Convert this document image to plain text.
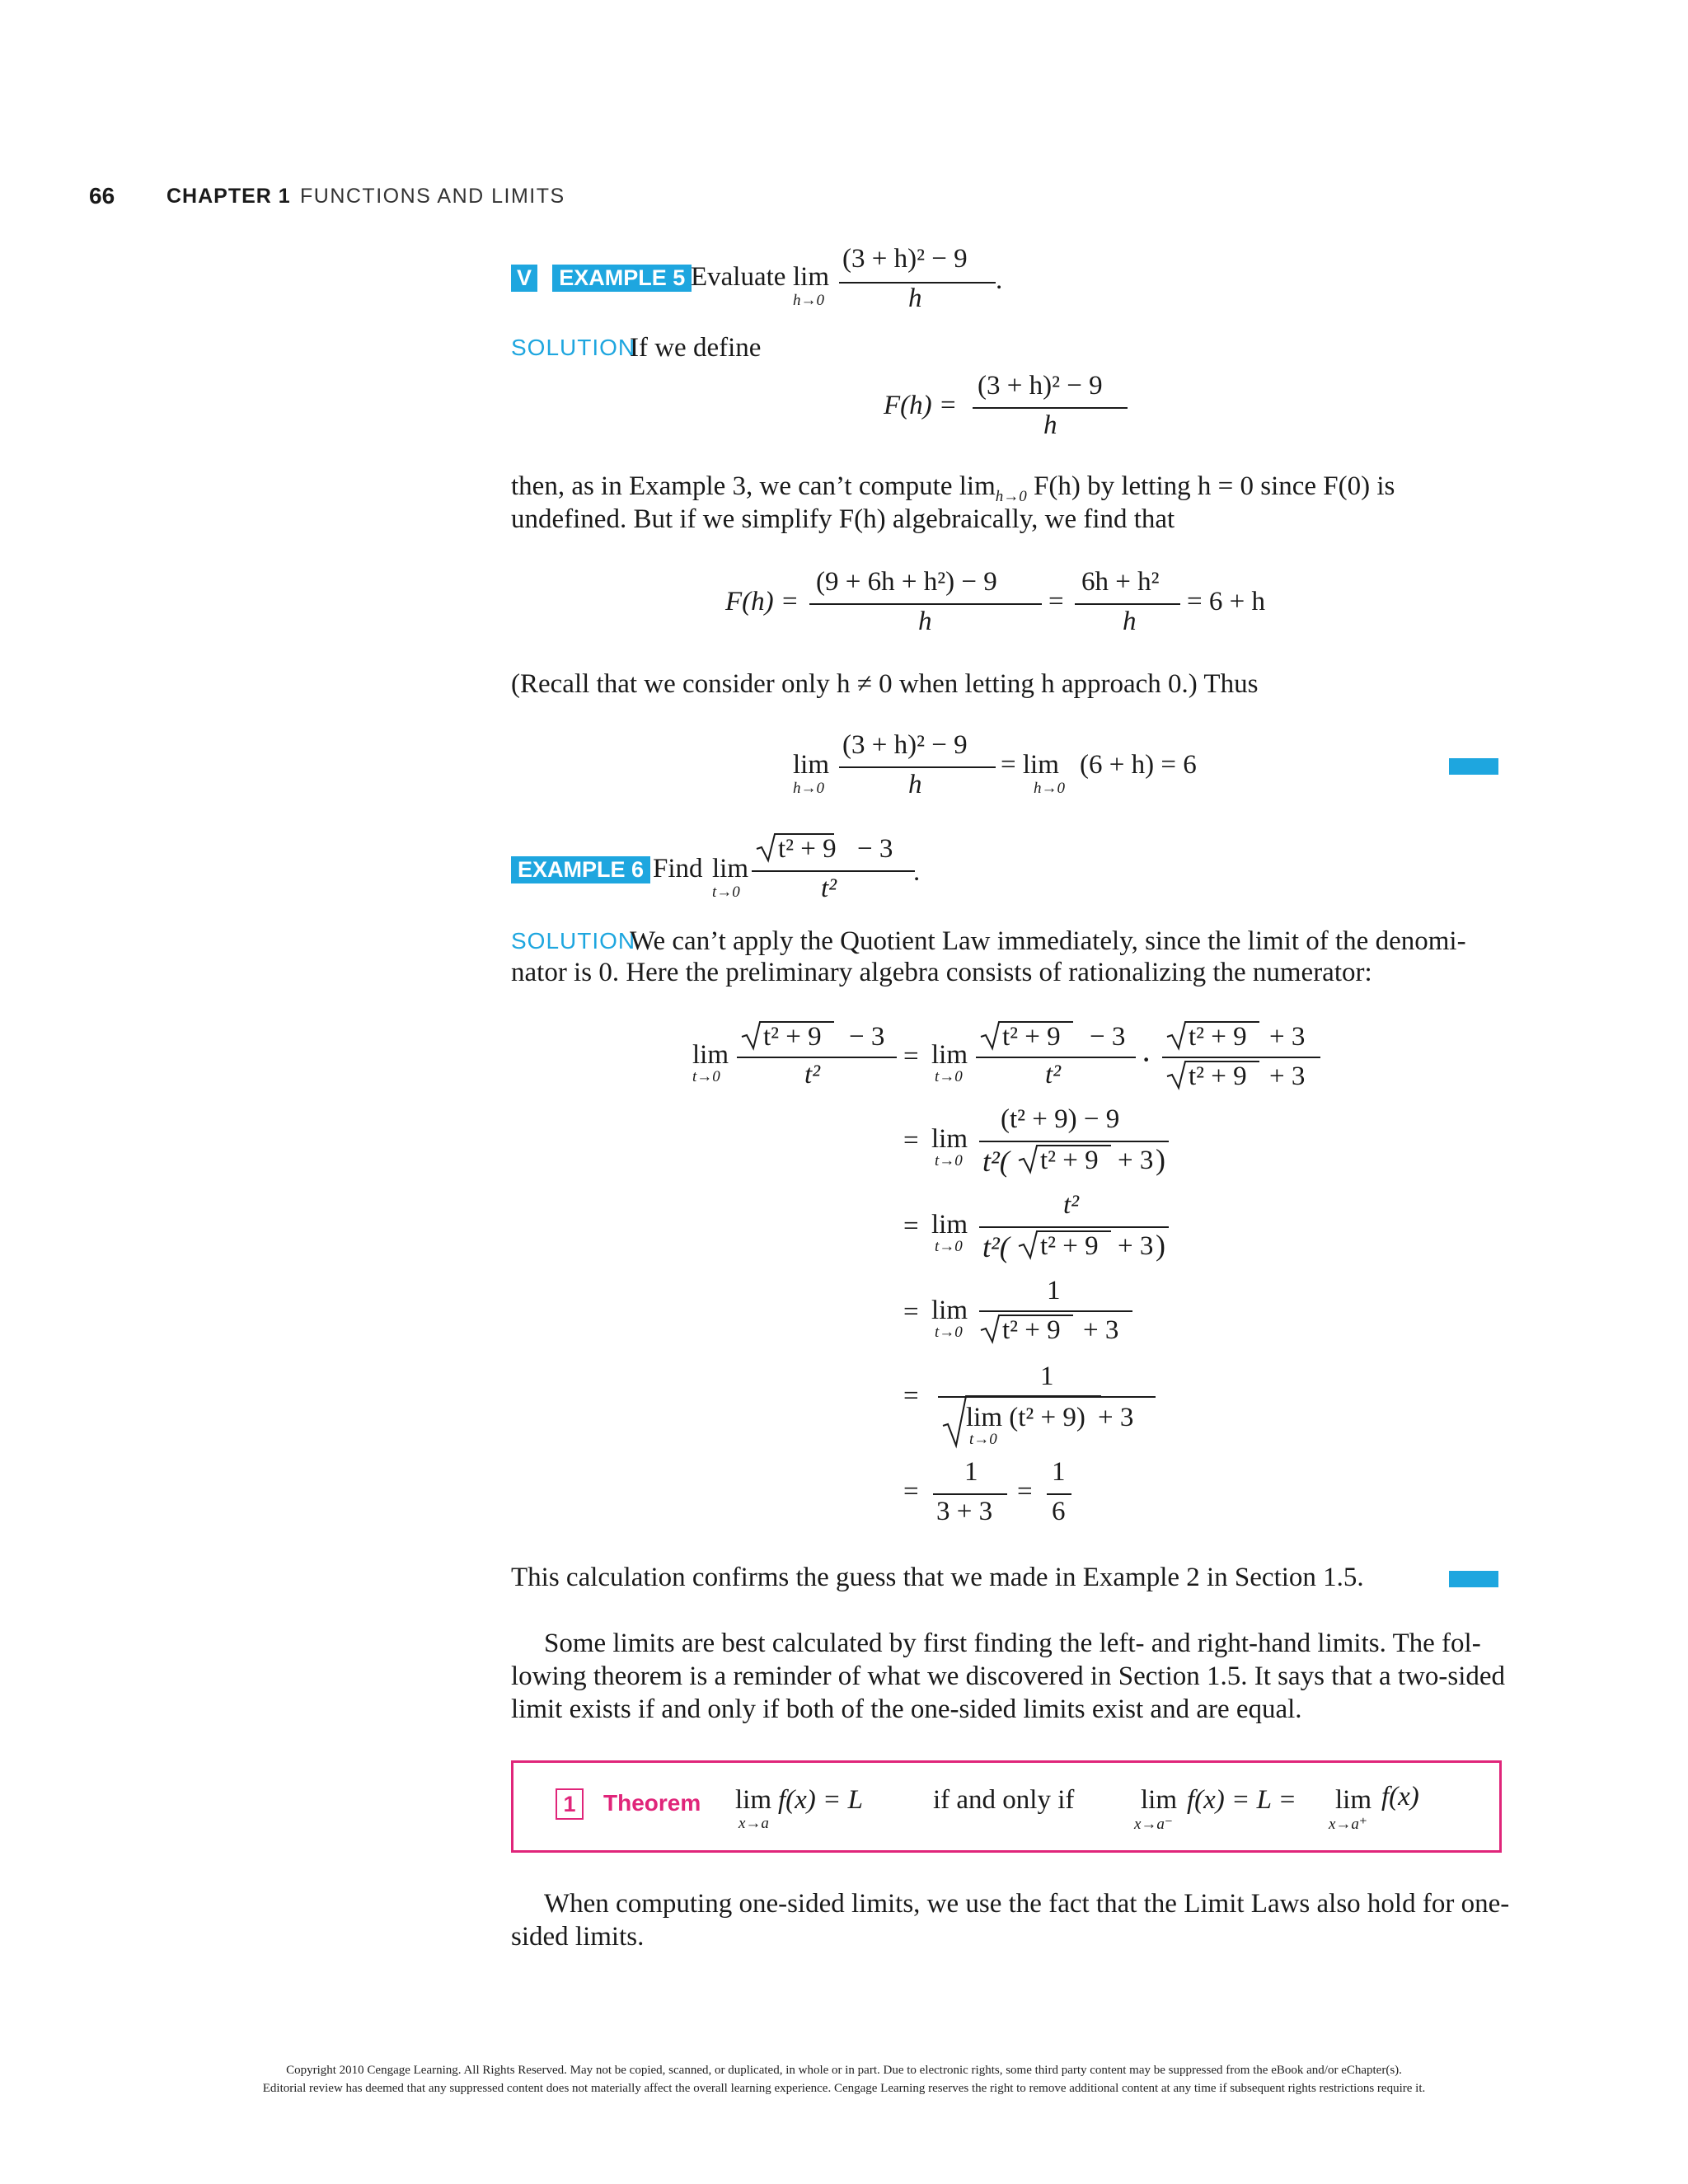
66	CHAPTER 1 FUNCTIONS AND LIMITS
V EXAMPLE 5 Evaluate lim
h→0
(3 + h)² − 9
h
.
SOLUTION
If we define
F(h) =
(3 + h)² − 9
h
then, as in Example 3, we can’t compute $\lim_{h\to 0} F(h)$ by letting h = 0 since F(0) is
undefined. But if we simplify F(h) algebraically, we find that
F(h) =
(9 + 6h + h²) − 9
h
=
6h + h²
h
= 6 + h
(Recall that we consider only h ≠ 0 when letting h approach 0.) Thus
lim
h→0
(3 + h)² − 9
h
= lim
h→0
(6 + h) = 6
EXAMPLE 6 Find lim
t→0
t² + 9 − 3
t²
.
SOLUTION
We can’t apply the Quotient Law immediately, since the limit of the denomi-
nator is 0. Here the preliminary algebra consists of rationalizing the numerator:
lim
t→0
t² + 9 − 3
t²
= lim
t→0
t² + 9 − 3
t² ·
t² + 9 + 3
t² + 9 + 3
= lim
t→0
(t² + 9) − 9
t²( t² + 9 + 3 )
= lim
t→0
t²
t²( t² + 9 + 3 )
= lim
t→0
1
t² + 9 + 3
=
1
lim (t² + 9)
t→0
+ 3
=
1
3 + 3
=
1
6
This calculation confirms the guess that we made in Example 2 in Section 1.5.
Some limits are best calculated by first finding the left- and right-hand limits. The fol-
lowing theorem is a reminder of what we discovered in Section 1.5. It says that a two-sided
limit exists if and only if both of the one-sided limits exist and are equal.
1	Theorem lim
x→a
f(x) = L	if and only if lim
x→a⁻
f(x) = L = lim
x→a⁺
f(x)
When computing one-sided limits, we use the fact that the Limit Laws also hold for one-
sided limits.
Copyright 2010 Cengage Learning. All Rights Reserved. May not be copied, scanned, or duplicated, in whole or in part. Due to electronic rights, some third party content may be suppressed from the eBook and/or eChapter(s).
Editorial review has deemed that any suppressed content does not materially affect the overall learning experience. Cengage Learning reserves the right to remove additional content at any time if subsequent rights restrictions require it.
